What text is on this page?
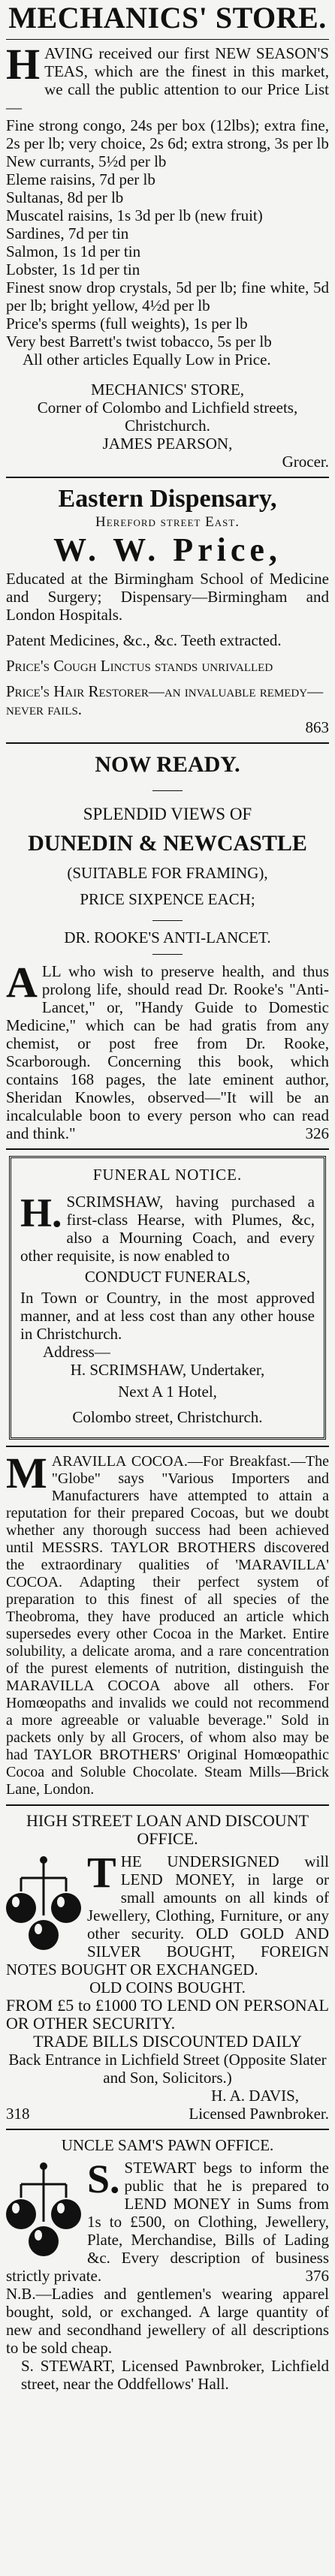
MECHANICS' STORE.
H AVING received our first NEW SEASON'S TEAS, which are the finest in this market, we call the public attention to our Price List—

Fine strong congo, 24s per box (12lbs); extra fine, 2s per lb; very choice, 2s 6d; extra strong, 3s per lb

New currants, 5½d per lb

Eleme raisins, 7d per lb

Sultanas, 8d per lb

Muscatel raisins, 1s 3d per lb (new fruit)

Sardines, 7d per tin

Salmon, 1s 1d per tin

Lobster, 1s 1d per tin

Finest snow drop crystals, 5d per lb; fine white, 5d per lb; bright yellow, 4½d per lb

Price's sperms (full weights), 1s per lb

Very best Barrett's twist tobacco, 5s per lb

All other articles Equally Low in Price.

MECHANICS' STORE,

Corner of Colombo and Lichfield streets, Christchurch.

JAMES PEARSON,

Grocer.

Eastern Dispensary,

Hereford street East.

W. W. Price,

Educated at the Birmingham School of Medicine and Surgery; Dispensary—Birmingham and London Hospitals.

Patent Medicines, &c., &c. Teeth extracted.

Price's Cough Linctus stands unrivalled

Price's Hair Restorer—an invaluable remedy—never fails.

863

NOW READY.

SPLENDID VIEWS OF

DUNEDIN & NEWCASTLE

(SUITABLE FOR FRAMING),

PRICE SIXPENCE EACH;

DR. ROOKE'S ANTI-LANCET.

A LL who wish to preserve health, and thus prolong life, should read Dr. Rooke's "Anti-Lancet," or, "Handy Guide to Domestic Medicine," which can be had gratis from any chemist, or post free from Dr. Rooke, Scarborough. Concerning this book, which contains 168 pages, the late eminent author, Sheridan Knowles, observed—"It will be an incalculable boon to every person who can read and think."	326

FUNERAL NOTICE.

H. SCRIMSHAW, having purchased a first-class Hearse, with Plumes, &c, also a Mourning Coach, and every other requisite, is now enabled to

CONDUCT FUNERALS,

In Town or Country, in the most approved manner, and at less cost than any other house in Christchurch.

Address—

H. SCRIMSHAW, Undertaker,

Next A 1 Hotel,

Colombo street, Christchurch.

M ARAVILLA COCOA.—For Breakfast.—The "Globe" says "Various Importers and Manufacturers have attempted to attain a reputation for their prepared Cocoas, but we doubt whether any thorough success had been achieved until MESSRS. TAYLOR BROTHERS discovered the extraordinary qualities of 'MARAVILLA' COCOA. Adapting their perfect system of preparation to this finest of all species of the Theobroma, they have produced an article which supersedes every other Cocoa in the Market. Entire solubility, a delicate aroma, and a rare concentration of the purest elements of nutrition, distinguish the MARAVILLA COCOA above all others. For Homœopaths and invalids we could not recommend a more agreeable or valuable beverage." Sold in packets only by all Grocers, of whom also may be had TAYLOR BROTHERS' Original Homœopathic Cocoa and Soluble Chocolate. Steam Mills—Brick Lane, London.

HIGH STREET LOAN AND DISCOUNT OFFICE.

T HE UNDERSIGNED will LEND MONEY, in large or small amounts on all kinds of Jewellery, Clothing, Furniture, or any other security. OLD GOLD AND SILVER BOUGHT, FOREIGN NOTES BOUGHT OR EXCHANGED.

OLD COINS BOUGHT.

FROM £5 to £1000 TO LEND ON PERSONAL OR OTHER SECURITY.

TRADE BILLS DISCOUNTED DAILY

Back Entrance in Lichfield Street (Opposite Slater and Son, Solicitors.)

H. A. DAVIS,

318	Licensed Pawnbroker.

UNCLE SAM'S PAWN OFFICE.

S. STEWART begs to inform the public that he is prepared to LEND MONEY in Sums from 1s to £500, on Clothing, Jewellery, Plate, Merchandise, Bills of Lading &c. Every description of business strictly private.	376

N.B.—Ladies and gentlemen's wearing apparel bought, sold, or exchanged. A large quantity of new and secondhand jewellery of all descriptions to be sold cheap.

S. STEWART, Licensed Pawnbroker, Lichfield street, near the Oddfellows' Hall.
